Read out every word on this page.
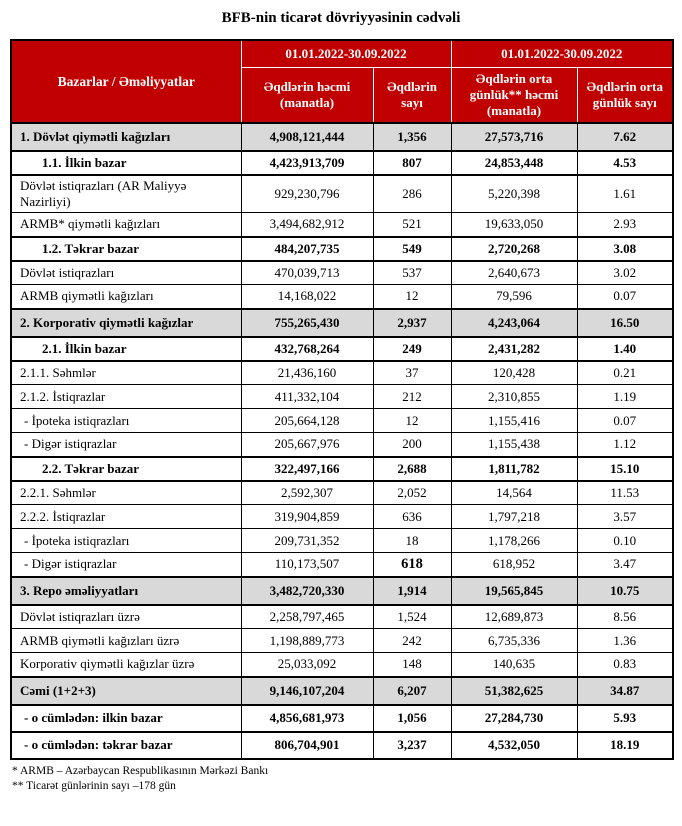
BFB-nin ticarət dövriyyəsinin cədvəli
Bazarlar / Əməliyyatlar	01.01.2022-30.09.2022		01.01.2022-30.09.2022	
	Əqdlərin həcmi (manatla)	Əqdlərin sayı	Əqdlərin orta günlük** həcmi (manatla)	Əqdlərin orta günlük sayı
1. Dövlət qiymətli kağızları	4,908,121,444	1,356	27,573,716	7.62
1.1. İlkin bazar	4,423,913,709	807	24,853,448	4.53
Dövlət istiqrazları (AR Maliyyə Nazirliyi)	929,230,796	286	5,220,398	1.61
ARMB* qiymətli kağızları	3,494,682,912	521	19,633,050	2.93
1.2. Təkrar bazar	484,207,735	549	2,720,268	3.08
Dövlət istiqrazları	470,039,713	537	2,640,673	3.02
ARMB qiymətli kağızları	14,168,022	12	79,596	0.07
2. Korporativ qiymətli kağızlar	755,265,430	2,937	4,243,064	16.50
2.1. İlkin bazar	432,768,264	249	2,431,282	1.40
2.1.1. Səhmlər	21,436,160	37	120,428	0.21
2.1.2. İstiqrazlar	411,332,104	212	2,310,855	1.19
- İpoteka istiqrazları	205,664,128	12	1,155,416	0.07
- Digər istiqrazlar	205,667,976	200	1,155,438	1.12
2.2. Təkrar bazar	322,497,166	2,688	1,811,782	15.10
2.2.1. Səhmlər	2,592,307	2,052	14,564	11.53
2.2.2. İstiqrazlar	319,904,859	636	1,797,218	3.57
- İpoteka istiqrazları	209,731,352	18	1,178,266	0.10
- Digər istiqrazlar	110,173,507	618	618,952	3.47
3. Repo əməliyyatları	3,482,720,330	1,914	19,565,845	10.75
Dövlət istiqrazları üzrə	2,258,797,465	1,524	12,689,873	8.56
ARMB qiymətli kağızları üzrə	1,198,889,773	242	6,735,336	1.36
Korporativ qiymətli kağızlar üzrə	25,033,092	148	140,635	0.83
Cəmi (1+2+3)	9,146,107,204	6,207	51,382,625	34.87
- o cümlədən: ilkin bazar	4,856,681,973	1,056	27,284,730	5.93
- o cümlədən: təkrar bazar	806,704,901	3,237	4,532,050	18.19
* ARMB – Azərbaycan Respublikasının Mərkəzi Bankı
** Ticarət günlərinin sayı –178 gün
